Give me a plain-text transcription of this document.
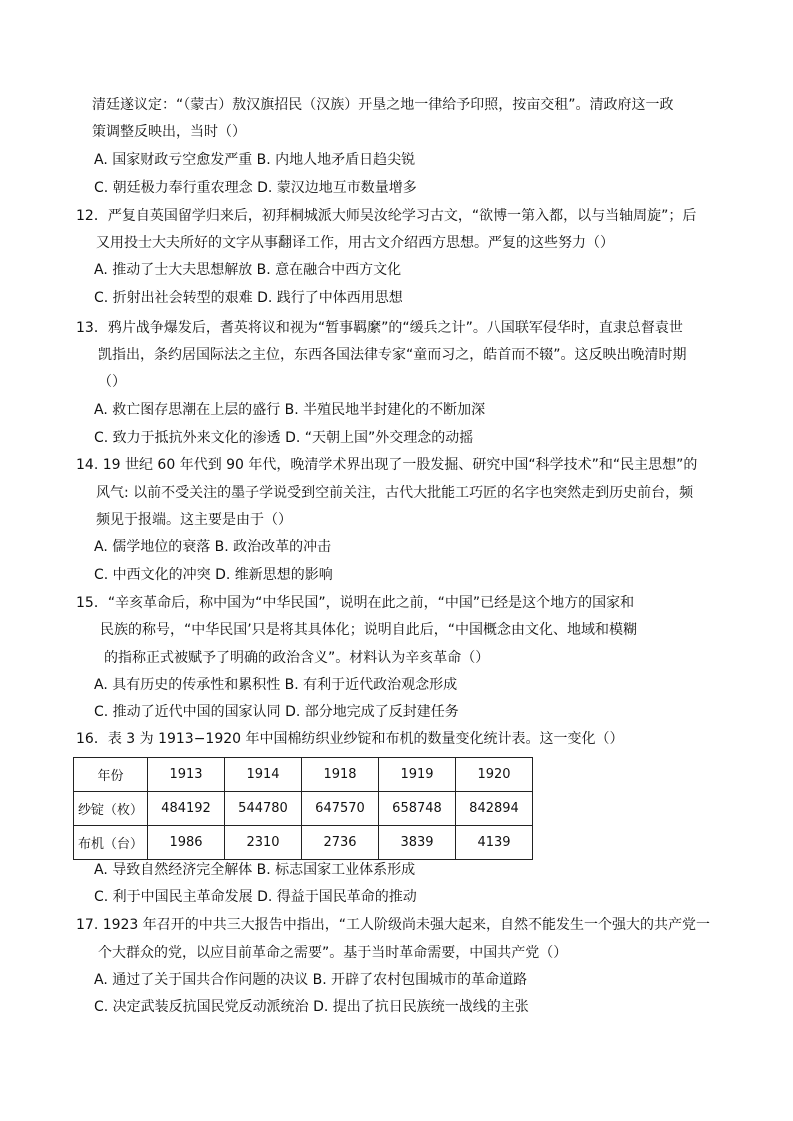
清廷遂议定：“（蒙古）敖汉旗招民（汉族）开垦之地一律给予印照，按亩交租”。清政府这一政
策调整反映出，当时（）
A. 国家财政亏空愈发严重 B. 内地人地矛盾日趋尖锐
C. 朝廷极力奉行重农理念 D. 蒙汉边地互市数量增多
12．严复自英国留学归来后，初拜桐城派大师吴汝纶学习古文，“欲博一第入都，以与当轴周旋”；后
又用投士大夫所好的文字从事翻译工作，用古文介绍西方思想。严复的这些努力（）
A. 推动了士大夫思想解放 B. 意在融合中西方文化
C. 折射出社会转型的艰难 D. 践行了中体西用思想
13．鸦片战争爆发后，耆英将议和视为“暂事羁縻”的“缓兵之计”。八国联军侵华时，直隶总督袁世
凯指出，条约居国际法之主位，东西各国法律专家“童而习之，皓首而不辍”。这反映出晚清时期
（）
A. 救亡图存思潮在上层的盛行 B. 半殖民地半封建化的不断加深
C. 致力于抵抗外来文化的渗透 D. “天朝上国”外交理念的动摇
14. 19 世纪 60 年代到 90 年代，晚清学术界出现了一股发掘、研究中国“科学技术”和“民主思想”的
风气: 以前不受关注的墨子学说受到空前关注，古代大批能工巧匠的名字也突然走到历史前台，频
频见于报端。这主要是由于（）
A. 儒学地位的衰落 B. 政治改革的冲击
C. 中西文化的冲突 D. 维新思想的影响
15．“辛亥革命后，称中国为“中华民国”，说明在此之前，“中国”已经是这个地方的国家和
民族的称号，“中华民国’只是将其具体化；说明自此后，“中国概念由文化、地域和模糊
的指称正式被赋予了明确的政治含义”。材料认为辛亥革命（）
A. 具有历史的传承性和累积性 B. 有利于近代政治观念形成
C. 推动了近代中国的国家认同 D. 部分地完成了反封建任务
16．表 3 为 1913−1920 年中国棉纺织业纱锭和布机的数量变化统计表。这一变化（）
年份	1913	1914	1918	1919	1920
纱锭（枚）	484192	544780	647570	658748	842894
布机（台）	1986	2310	2736	3839	4139
A. 导致自然经济完全解体 B. 标志国家工业体系形成
C. 利于中国民主革命发展 D. 得益于国民革命的推动
17. 1923 年召开的中共三大报告中指出，“工人阶级尚未强大起来，自然不能发生一个强大的共产党一
个大群众的党，以应目前革命之需要”。基于当时革命需要，中国共产党（）
A. 通过了关于国共合作问题的决议 B. 开辟了农村包围城市的革命道路
C. 决定武装反抗国民党反动派统治 D. 提出了抗日民族统一战线的主张
